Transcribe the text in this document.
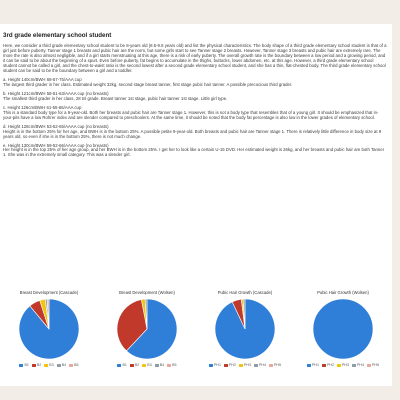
3rd grade elementary school student

Here, we consider a third grade elementary school student to be 8-years old (8.5-9.5 years old) and list the physical characteristics. The body shape of a third grade elementary school student is that of a girl just before puberty. Tanner stage 1 breasts and pubic hair are the norm, but some girls start to see Tanner stage 2 breasts. However, Tanner stage 3 breasts and pubic hair are extremely rare. The more the rate is also almost negligible, and if a girl starts menstruating at this age, there is a risk of early puberty. The overall growth rate is the boundary between a low period and a growing period, and it can be said to be about the beginning of a spurt. Even before puberty, fat begins to accumulate in the thighs, buttocks, lower abdomen, etc. at this age. However, a third grade elementary school student cannot be called a girl, and the chest-to-waist ratio is the second lowest after a second grade elementary school student, and she has a thin, flat-chested body. The third grade elementary school student can be said to be the boundary between a girl and a toddler.

a. Height 140cm/BWH 68-57-75/AAA cup
The largest third grader in her class. Estimated weight 32kg, second stage breast tanner, first stage pubic hair tanner. A possible precocious third grader.

b. Height 121cm/BWH 58-51-63/AAAA cup (no breasts)
The smallest third grader in her class, 28 tnl grade. Breast tanner 1st stage, pubic hair tanner 1st stage. Little girl type.

c. Height 126cm/BWH 61-55-66/AAA cup
This is a standard body type for a 9-year-old. Both her breasts and pubic hair are Tanner stage 1. However, this is not a body type that resembles that of a young girl. It should be emphasized that in-your-pits have a low Rohrer index and are slender compared to preschoolers. At the same time, it should be noted that the body fat percentage is also low in the lower grades of elementary school.

d. Height 128cm/BWH 53-52-65/AAAA cup (no breasts)
Height is in the bottom 25% for her age, and BWH is in the bottom 25%. A possible petite 9-year-old. Both breasts and pubic hair are Tanner stage 1. There is relatively little difference in body size at 9 years old, so even if she is in the bottom 25%, there is not much change.

e. Height 130cm/BWH 59-52-66/AAAA cup (no breasts)
Her height is in the top 25% of her age group, and her BWH is in the bottom 25%. I get her to look like a certain U-15 DVD. Her estimated weight is 26kg, and her breasts and pubic hair are both Tanner 1. She was in the extremely small category. This was a slender girl.

Breast Development (Cascade)
B1 B2 B3 B4 B5
Breast Development (Wolsen)
B1 B2 B3 B4 B5
Pubic Hair Growth (Cascade)
PH1 PH2 PH3 PH4 PH5
Pubic Hair Growth (Wolsen)
PH1 PH2 PH3 PH4 PH5
